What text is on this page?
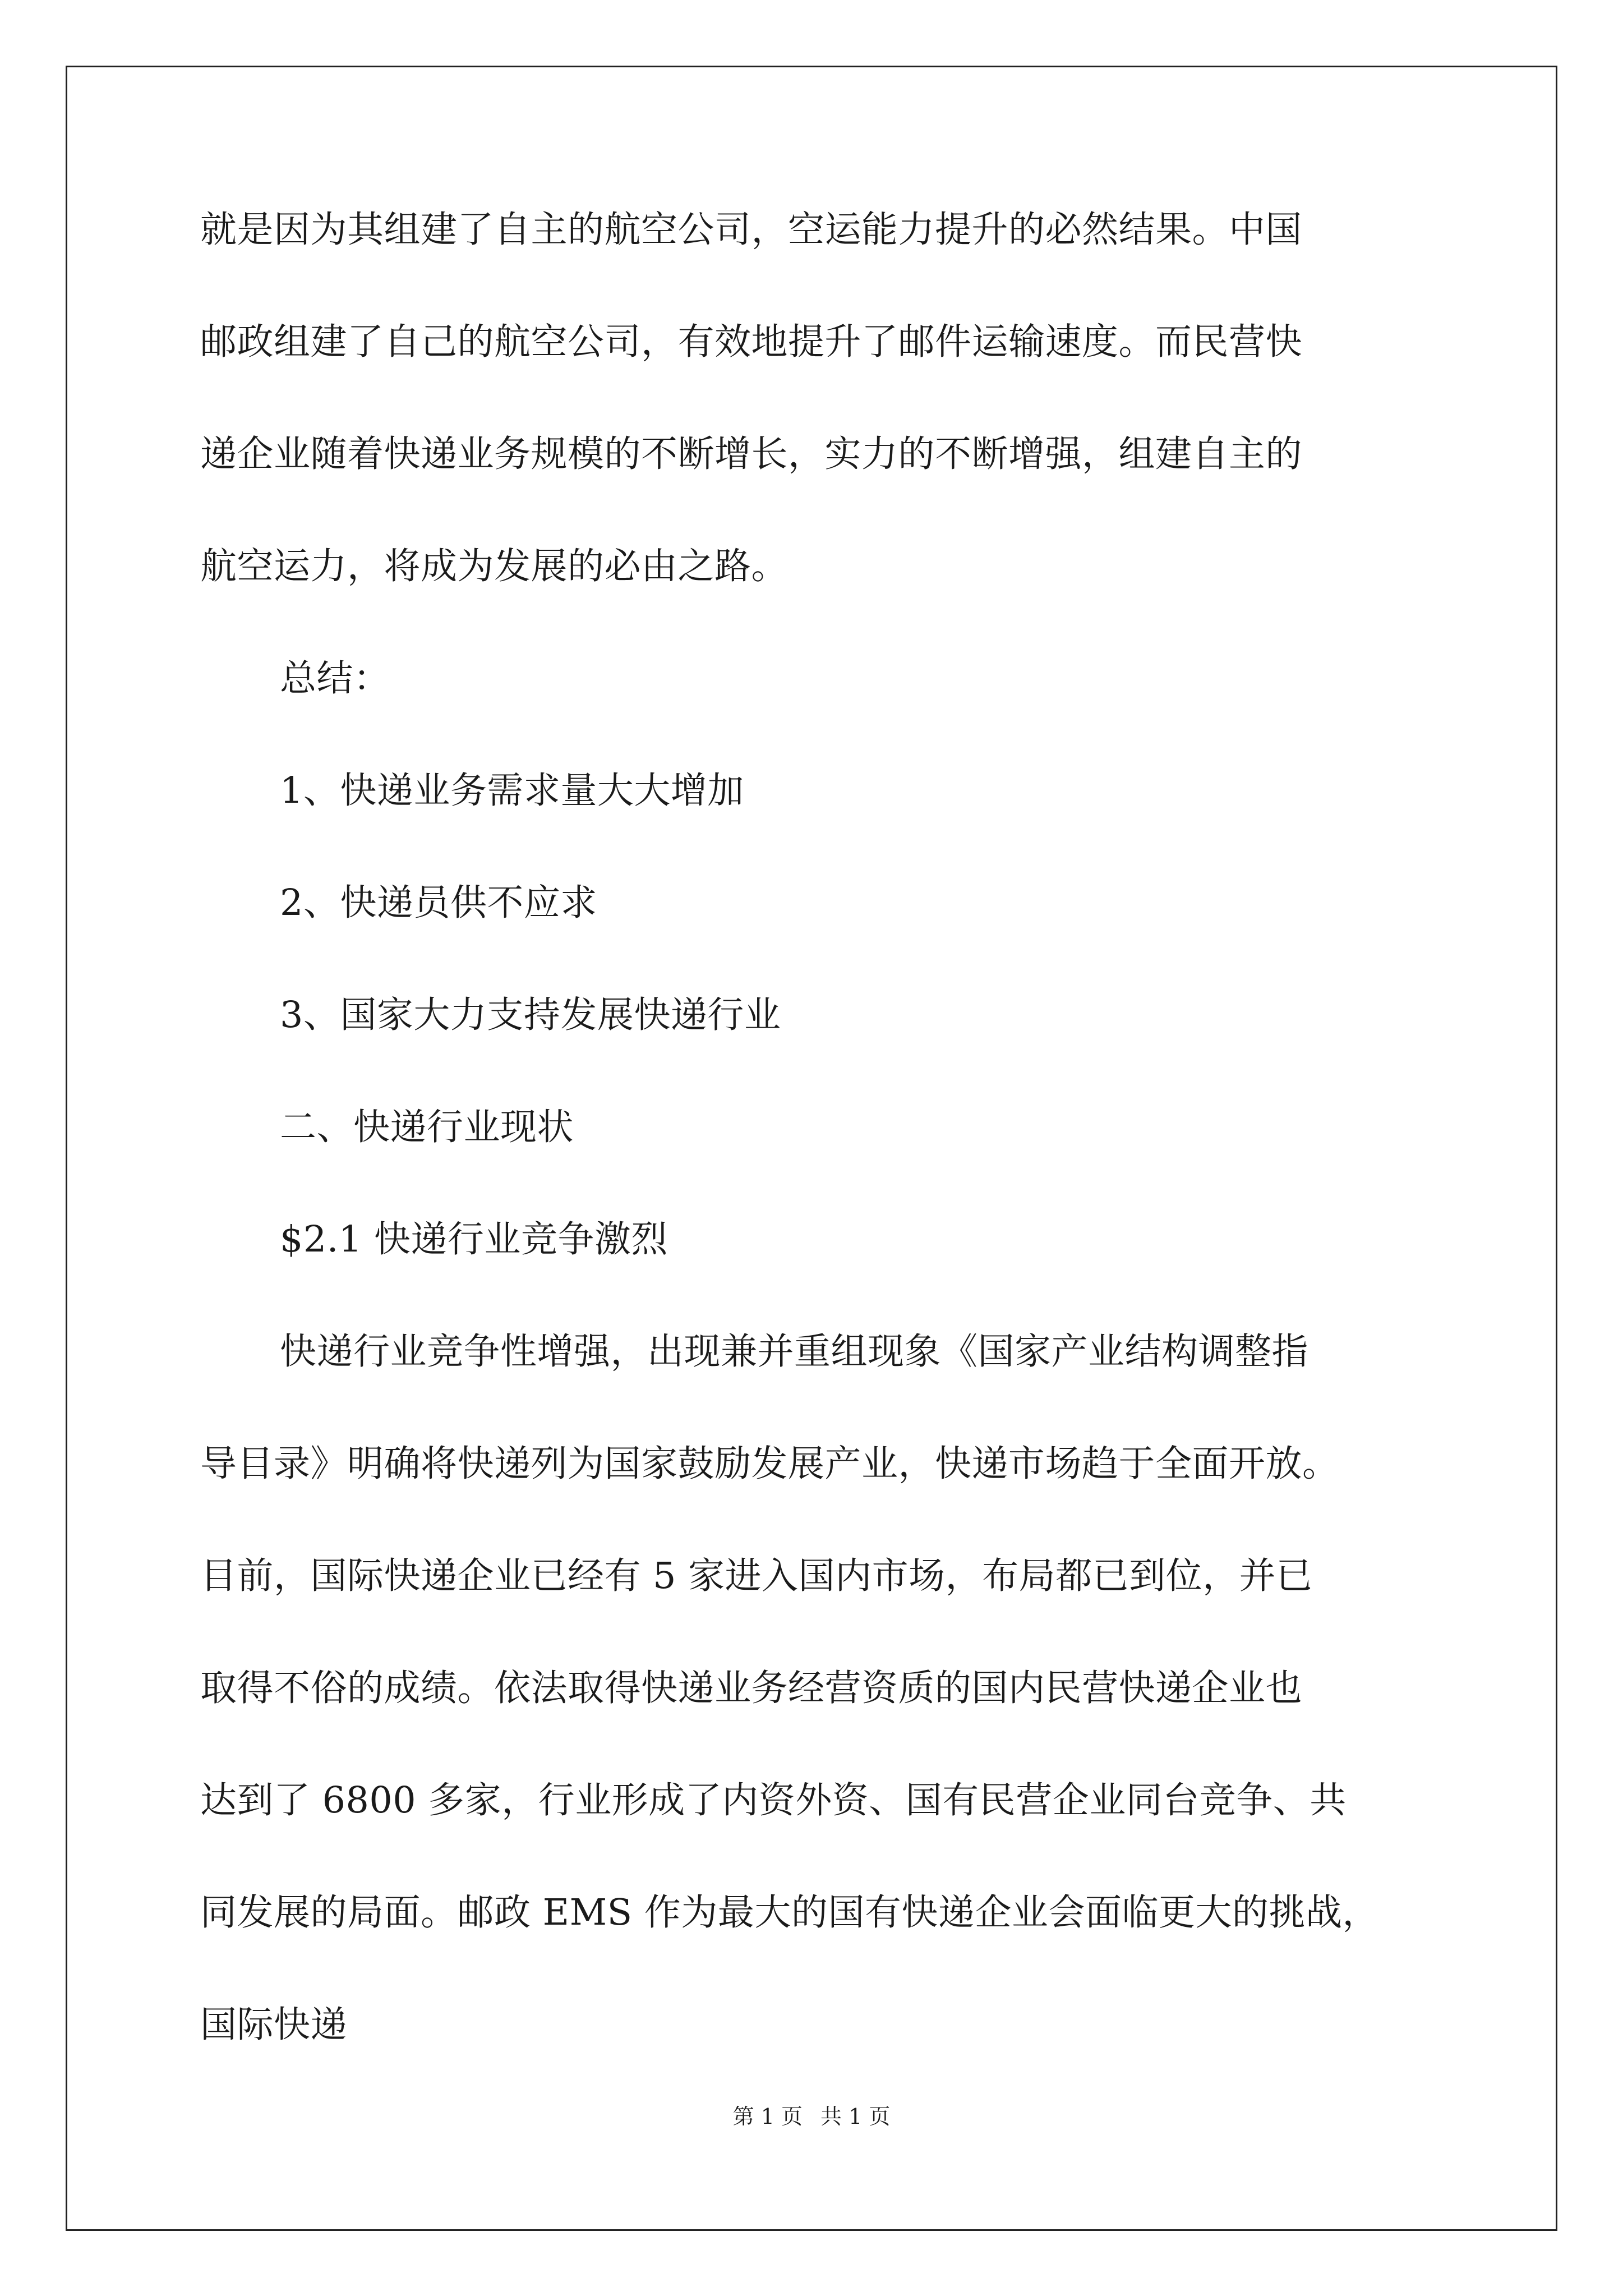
就是因为其组建了自主的航空公司，空运能力提升的必然结果。中国
邮政组建了自己的航空公司，有效地提升了邮件运输速度。而民营快
递企业随着快递业务规模的不断增长，实力的不断增强，组建自主的
航空运力，将成为发展的必由之路。
总结：
1、快递业务需求量大大增加
2、快递员供不应求
3、国家大力支持发展快递行业
二、快递行业现状
$2.1 快递行业竞争激烈
快递行业竞争性增强，出现兼并重组现象《国家产业结构调整指
导目录》明确将快递列为国家鼓励发展产业，快递市场趋于全面开放。
目前，国际快递企业已经有 5 家进入国内市场，布局都已到位，并已
取得不俗的成绩。依法取得快递业务经营资质的国内民营快递企业也
达到了 6800 多家，行业形成了内资外资、国有民营企业同台竞争、共
同发展的局面。邮政 EMS 作为最大的国有快递企业会面临更大的挑战，
国际快递
第 1 页 共 1 页
